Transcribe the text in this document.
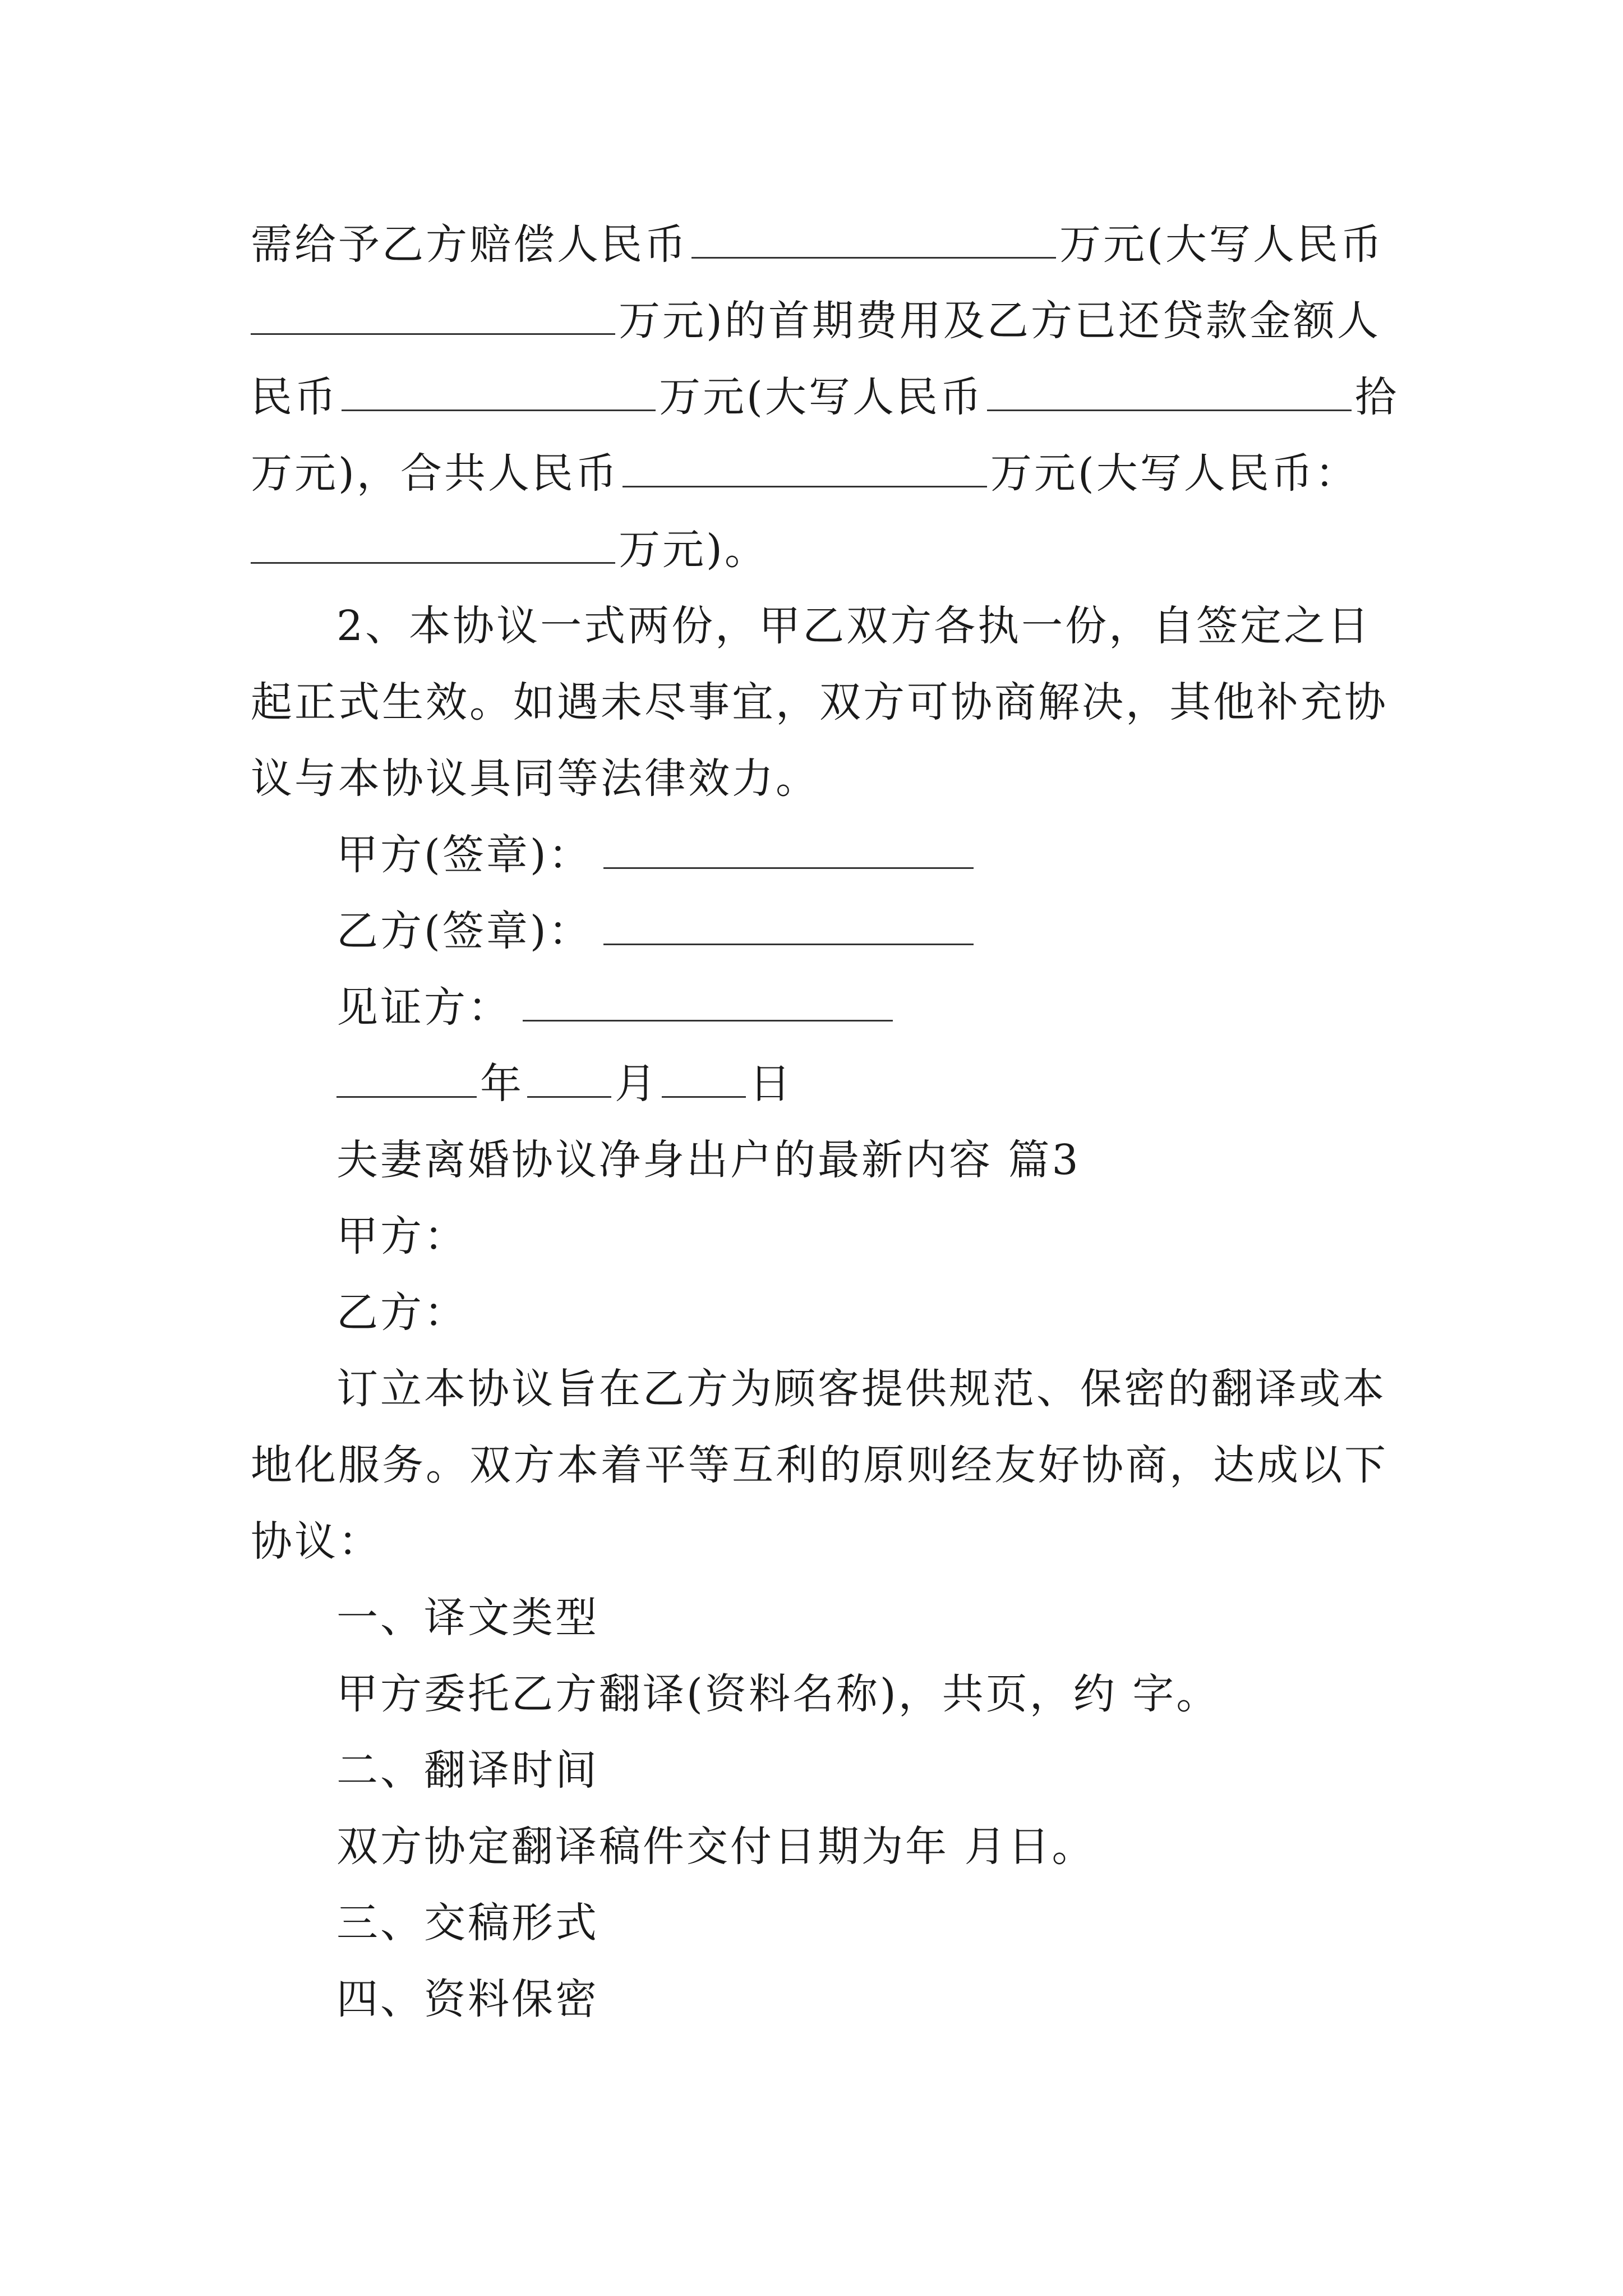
需给予乙方赔偿人民币	万元(大写人民币
万元)的首期费用及乙方已还贷款金额人
民币	万元(大写人民币	拾
万元)，合共人民币	万元(大写人民币：
万元)。
2、本协议一式两份，甲乙双方各执一份，自签定之日
起正式生效。如遇未尽事宜，双方可协商解决，其他补充协
议与本协议具同等法律效力。
甲方(签章)：
乙方(签章)：
见证方：
年 月 日
夫妻离婚协议净身出户的最新内容 篇3
甲方：
乙方：
订立本协议旨在乙方为顾客提供规范、保密的翻译或本
地化服务。双方本着平等互利的原则经友好协商，达成以下
协议：
一、译文类型
甲方委托乙方翻译(资料名称)，共页，约 字。
二、翻译时间
双方协定翻译稿件交付日期为年 月日。
三、交稿形式
四、资料保密
